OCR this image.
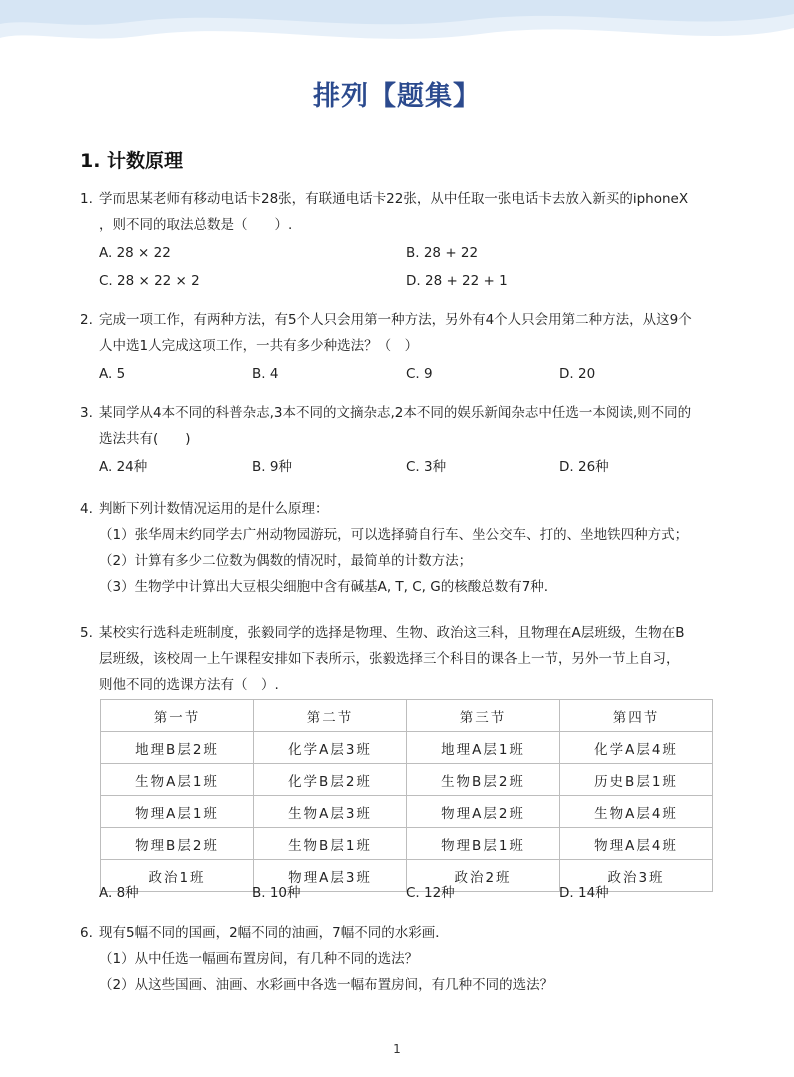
排列【题集】
1. 计数原理
1. 学而思某老师有移动电话卡28张，有联通电话卡22张，从中任取一张电话卡去放入新买的iphoneX
，则不同的取法总数是（　　）.
A. 28 × 22	B. 28 + 22
C. 28 × 22 × 2	D. 28 + 22 + 1
2. 完成一项工作，有两种方法，有5个人只会用第一种方法，另外有4个人只会用第二种方法，从这9个
人中选1人完成这项工作，一共有多少种选法？（　）
A. 5	B. 4	C. 9	D. 20
3. 某同学从4本不同的科普杂志,3本不同的文摘杂志,2本不同的娱乐新闻杂志中任选一本阅读,则不同的
选法共有(　　)
A. 24种	B. 9种	C. 3种	D. 26种
4. 判断下列计数情况运用的是什么原理：
（1）张华周末约同学去广州动物园游玩，可以选择骑自行车、坐公交车、打的、坐地铁四种方式；
（2）计算有多少二位数为偶数的情况时，最简单的计数方法；
（3）生物学中计算出大豆根尖细胞中含有碱基A, T, C, G的核酸总数有7种.
5. 某校实行选科走班制度，张毅同学的选择是物理、生物、政治这三科，且物理在A层班级，生物在B
层班级，该校周一上午课程安排如下表所示，张毅选择三个科目的课各上一节，另外一节上自习，
则他不同的选课方法有（　）.
第一节	第二节	第三节	第四节
地理B层2班	化学A层3班	地理A层1班	化学A层4班
生物A层1班	化学B层2班	生物B层2班	历史B层1班
物理A层1班	生物A层3班	物理A层2班	生物A层4班
物理B层2班	生物B层1班	物理B层1班	物理A层4班
政治1班	物理A层3班	政治2班	政治3班
A. 8种	B. 10种	C. 12种	D. 14种
6. 现有5幅不同的国画，2幅不同的油画，7幅不同的水彩画．
（1）从中任选一幅画布置房间，有几种不同的选法？
（2）从这些国画、油画、水彩画中各选一幅布置房间，有几种不同的选法？
1
